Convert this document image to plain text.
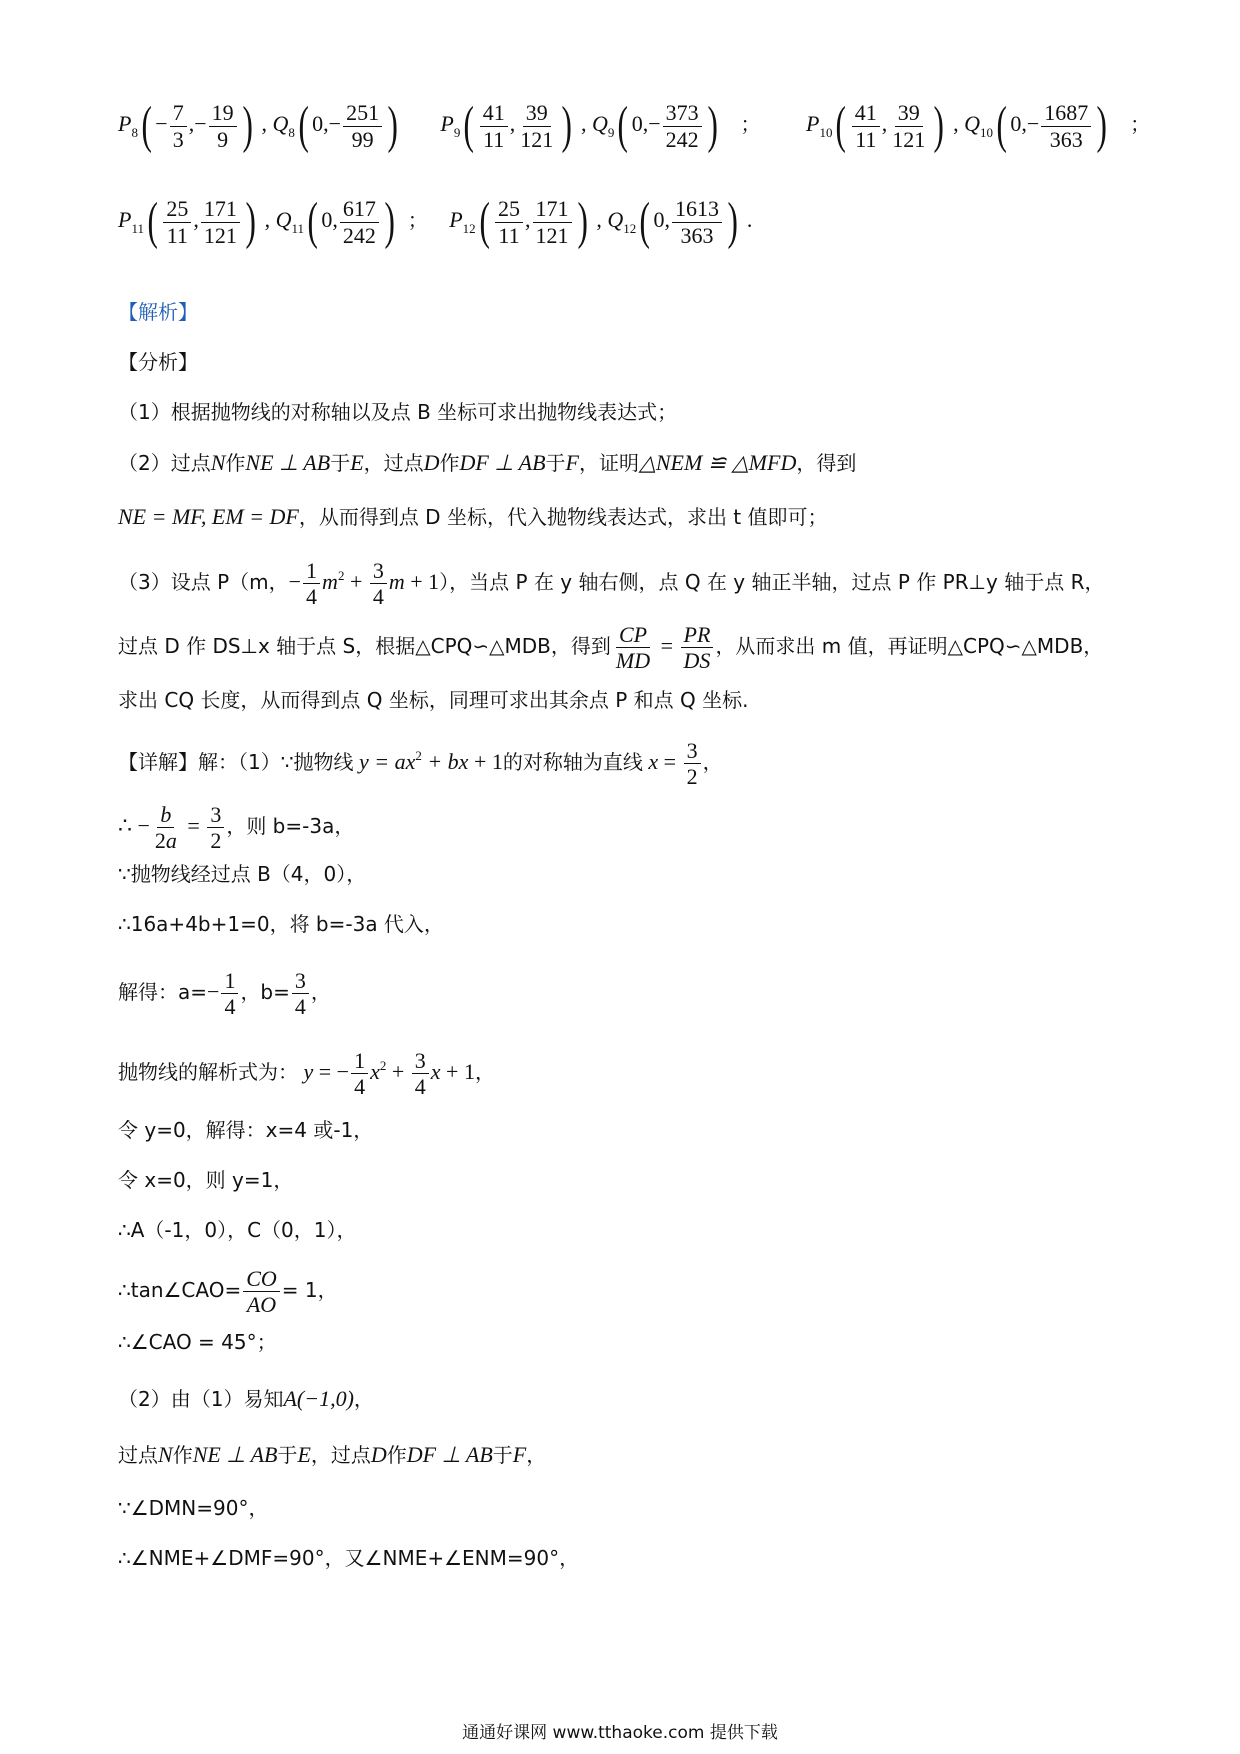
$P_8( - \frac{7}{3}$ ,− $\frac{19}{9}$ ) , $Q_8$( $0,- \frac{251}{99}$ ) $P_9( \frac{41}{11}$ , $\frac{39}{121}$ ) , $Q_9$( $0,- \frac{373}{242}$ ) ； $P_{10}( \frac{41}{11}$ , $\frac{39}{121}$ ) , $Q_{10}$( $0,- \frac{1687}{363}$ ) ；
$P_{11}( \frac{25}{11}$ , $\frac{171}{121}$ ) , $Q_{11}$( 0, $\frac{617}{242}$ ) ； $P_{12}( \frac{25}{11}$ , $\frac{171}{121}$ ) , $Q_{12}$( 0, $\frac{1613}{363}$ ) .
【解析】
【分析】
（1）根据抛物线的对称轴以及点 B 坐标可求出抛物线表达式；
（2）过点N作NE ⊥ AB于E，过点D作DF ⊥ AB于F，证明△NEM ≌ △MFD，得到
NE = MF, EM = DF，从而得到点 D 坐标，代入抛物线表达式，求出 t 值即可；
（3）设点 P（m，− $\frac{1}{4} m^2 + \frac{3}{4}$ m + 1），当点 P 在 y 轴右侧，点 Q 在 y 轴正半轴，过点 P 作 PR⊥y 轴于点 R，
过点 D 作 DS⊥x 轴于点 S，根据△CPQ∽△MDB，得到 $\frac{CP}{MD} = \frac{PR}{DS}$ ，从而求出 m 值，再证明△CPQ∽△MDB，
求出 CQ 长度，从而得到点 Q 坐标，同理可求出其余点 P 和点 Q 坐标.
【详解】解：（1）∵抛物线 $y = ax^2$ + bx + 1的对称轴为直线 $x = \frac{3}{2}$ ，
∴ − $\frac{b}{2a} = \frac{3}{2}$ ，则 b=-3a，
∵抛物线经过点 B（4，0），
∴16a+4b+1=0，将 b=-3a 代入，
解得：$a=- \frac{1}{4}$ ，$b= \frac{3}{4}$ ，
抛物线的解析式为： y = − $\frac{1}{4} x^2 + \frac{3}{4}$ x + 1，
令 y=0，解得：x=4 或-1，
令 x=0，则 y=1，
∴A（-1，0），C（0，1），
∴tan∠CAO= $\frac{CO}{AO} = 1$，
∴∠CAO = 45°；
（2）由（1）易知A(−1,0)，
过点N作NE ⊥ AB于E，过点D作DF ⊥ AB于F，
∵∠DMN=90°，
∴∠NME+∠DMF=90°，又∠NME+∠ENM=90°，
通通好课网 www.tthaoke.com 提供下载
